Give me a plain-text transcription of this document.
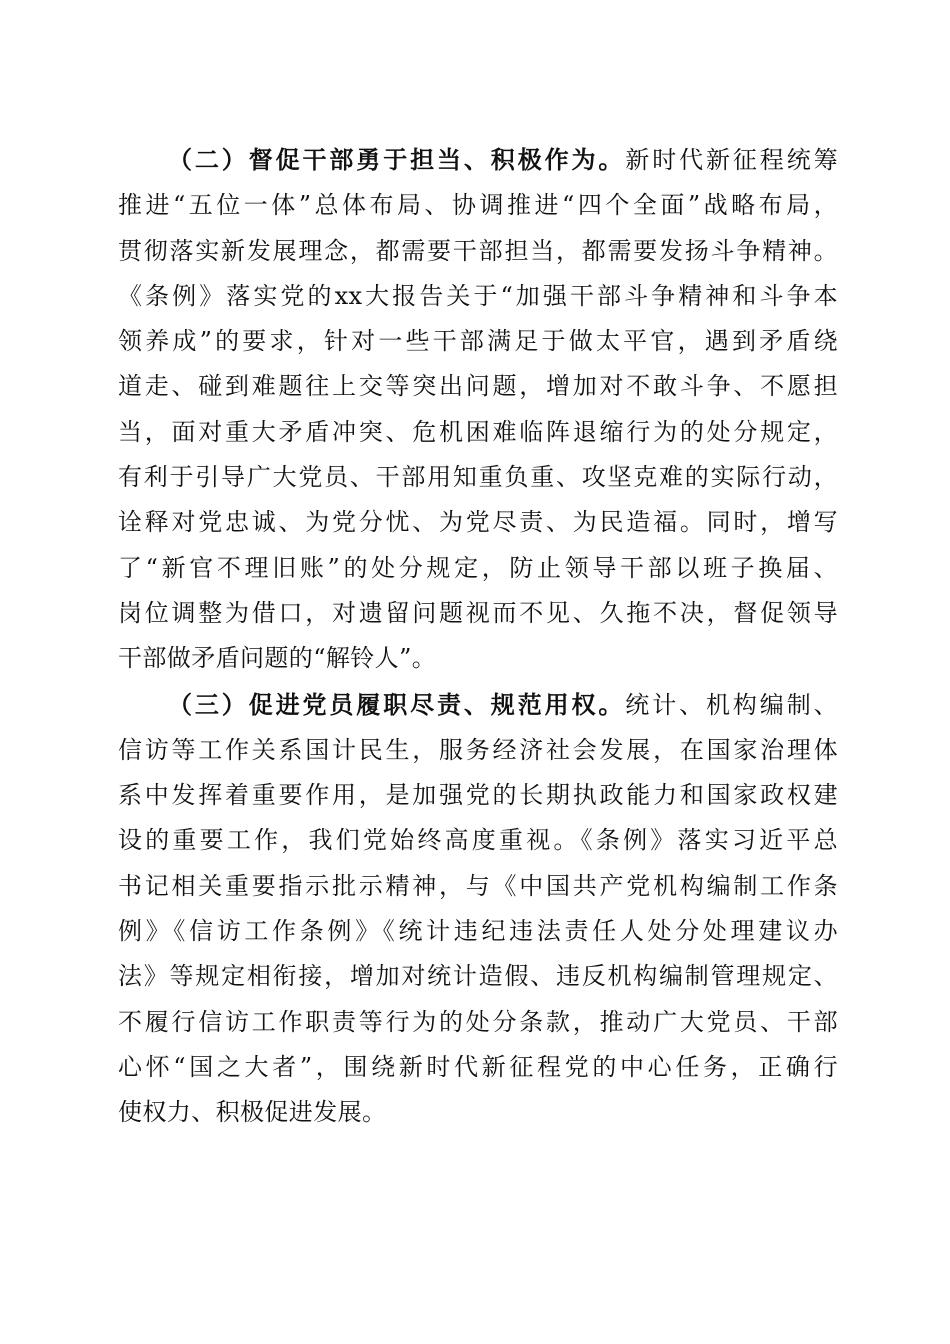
（二）督促干部勇于担当、积极作为。新时代新征程统筹
推进“五位一体”总体布局、协调推进“四个全面”战略布局，
贯彻落实新发展理念，都需要干部担当，都需要发扬斗争精神。
《条例》落实党的xx大报告关于“加强干部斗争精神和斗争本
领养成”的要求，针对一些干部满足于做太平官，遇到矛盾绕
道走、碰到难题往上交等突出问题，增加对不敢斗争、不愿担
当，面对重大矛盾冲突、危机困难临阵退缩行为的处分规定，
有利于引导广大党员、干部用知重负重、攻坚克难的实际行动，
诠释对党忠诚、为党分忧、为党尽责、为民造福。同时，增写
了“新官不理旧账”的处分规定，防止领导干部以班子换届、
岗位调整为借口，对遗留问题视而不见、久拖不决，督促领导
干部做矛盾问题的“解铃人”。

（三）促进党员履职尽责、规范用权。统计、机构编制、
信访等工作关系国计民生，服务经济社会发展，在国家治理体
系中发挥着重要作用，是加强党的长期执政能力和国家政权建
设的重要工作，我们党始终高度重视。《条例》落实习近平总
书记相关重要指示批示精神，与《中国共产党机构编制工作条
例》《信访工作条例》《统计违纪违法责任人处分处理建议办
法》等规定相衔接，增加对统计造假、违反机构编制管理规定、
不履行信访工作职责等行为的处分条款，推动广大党员、干部
心怀“国之大者”，围绕新时代新征程党的中心任务，正确行
使权力、积极促进发展。
